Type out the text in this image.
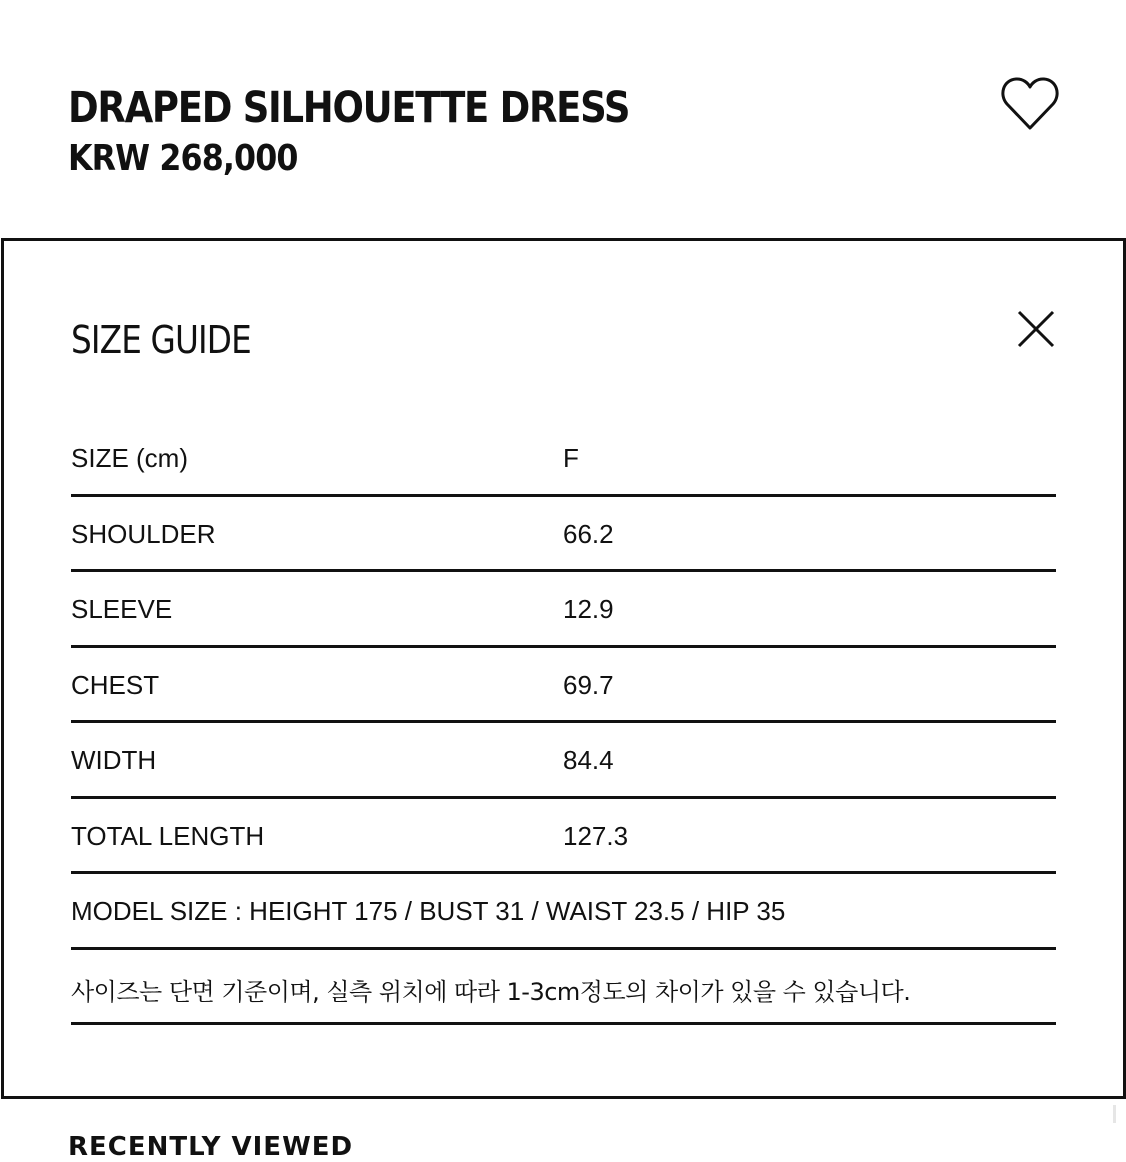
DRAPED SILHOUETTE DRESS
KRW 268,000
SIZE GUIDE
SIZE (cm)	F
SHOULDER	66.2
SLEEVE	12.9
CHEST	69.7
WIDTH	84.4
TOTAL LENGTH	127.3
MODEL SIZE : HEIGHT 175 / BUST 31 / WAIST 23.5 / HIP 35
사이즈는 단면 기준이며, 실측 위치에 따라 1-3cm정도의 차이가 있을 수 있습니다.
RECENTLY VIEWED
